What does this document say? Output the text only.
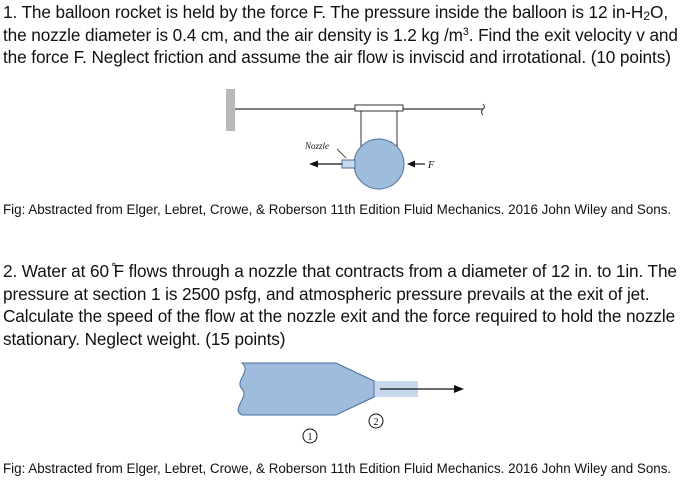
1. The balloon rocket is held by the force F. The pressure inside the balloon is 12 $in-H_2O$, the nozzle diameter is 0.4 cm, and the air density is 1.2 kg $/m^3$. Find the exit velocity v and the force F. Neglect friction and assume the air flow is inviscid and irrotational. (10 points)
Nozzle
F
Fig: Abstracted from Elger, Lebret, Crowe, & Roberson 11th Edition Fluid Mechanics. 2016 John Wiley and Sons.
2. Water at 60 ̊F flows through a nozzle that contracts from a diameter of 12 in. to 1in. The pressure at section 1 is 2500 psfg, and atmospheric pressure prevails at the exit of jet. Calculate the speed of the flow at the nozzle exit and the force required to hold the nozzle stationary. Neglect weight. (15 points)
1
2
Fig: Abstracted from Elger, Lebret, Crowe, & Roberson 11th Edition Fluid Mechanics. 2016 John Wiley and Sons.
